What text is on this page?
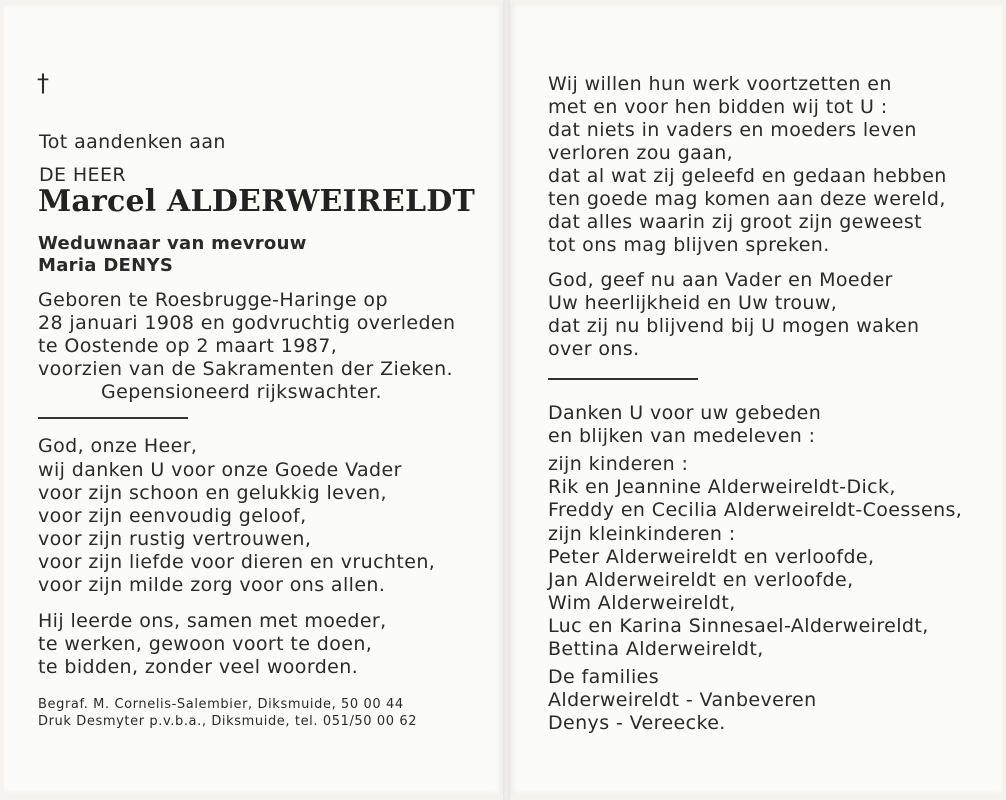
†
Tot aandenken aan
DE HEER
Marcel ALDERWEIRELDT
Weduwnaar van mevrouw
Maria DENYS
Geboren te Roesbrugge-Haringe op
28 januari 1908 en godvruchtig overleden
te Oostende op 2 maart 1987,
voorzien van de Sakramenten der Zieken.
Gepensioneerd rijkswachter.
God, onze Heer,
wij danken U voor onze Goede Vader
voor zijn schoon en gelukkig leven,
voor zijn eenvoudig geloof,
voor zijn rustig vertrouwen,
voor zijn liefde voor dieren en vruchten,
voor zijn milde zorg voor ons allen.
Hij leerde ons, samen met moeder,
te werken, gewoon voort te doen,
te bidden, zonder veel woorden.
Begraf. M. Cornelis-Salembier, Diksmuide, 50 00 44
Druk Desmyter p.v.b.a., Diksmuide, tel. 051/50 00 62
Wij willen hun werk voortzetten en
met en voor hen bidden wij tot U :
dat niets in vaders en moeders leven
verloren zou gaan,
dat al wat zij geleefd en gedaan hebben
ten goede mag komen aan deze wereld,
dat alles waarin zij groot zijn geweest
tot ons mag blijven spreken.
God, geef nu aan Vader en Moeder
Uw heerlijkheid en Uw trouw,
dat zij nu blijvend bij U mogen waken
over ons.
Danken U voor uw gebeden
en blijken van medeleven :
zijn kinderen :
Rik en Jeannine Alderweireldt-Dick,
Freddy en Cecilia Alderweireldt-Coessens,
zijn kleinkinderen :
Peter Alderweireldt en verloofde,
Jan Alderweireldt en verloofde,
Wim Alderweireldt,
Luc en Karina Sinnesael-Alderweireldt,
Bettina Alderweireldt,
De families
Alderweireldt - Vanbeveren
Denys - Vereecke.
